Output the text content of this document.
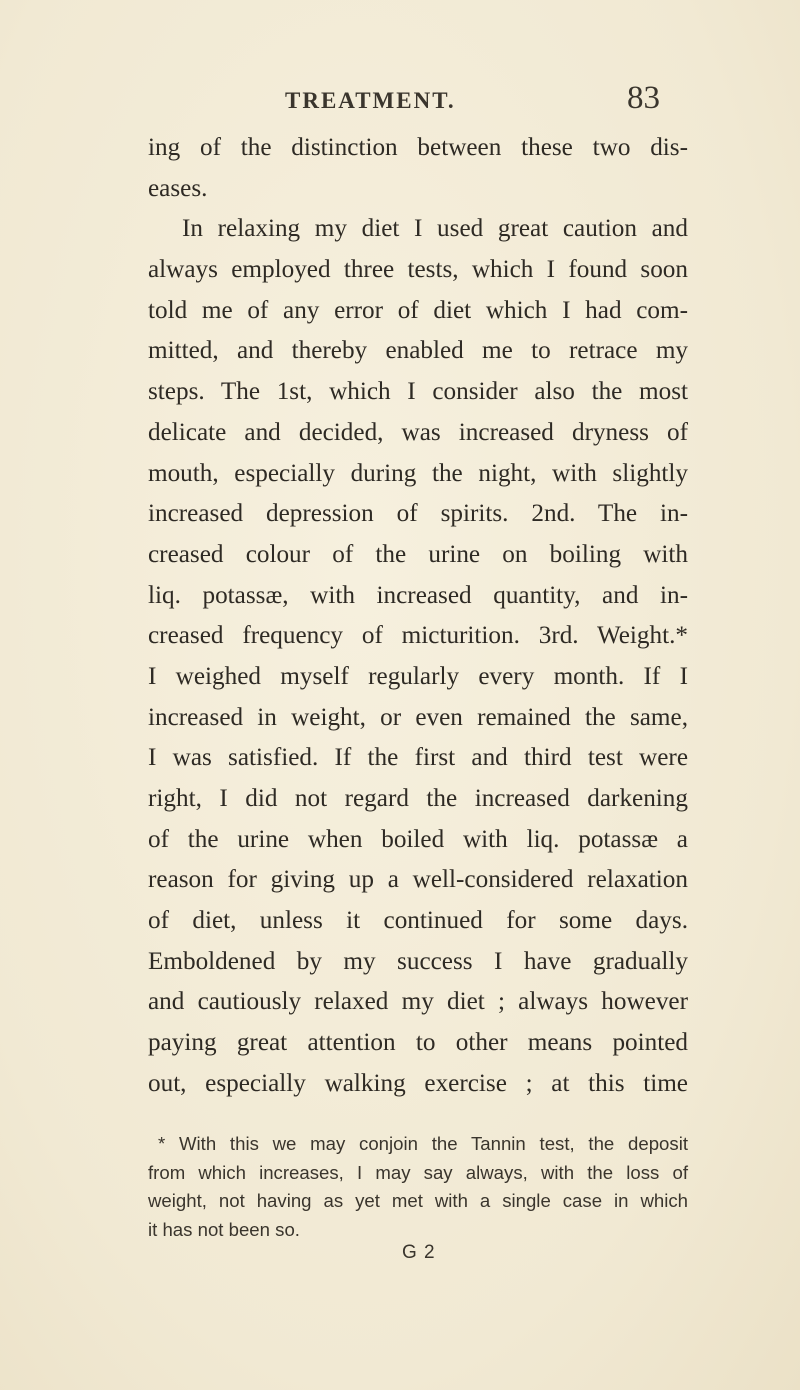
TREATMENT.	83
ing of the distinction between these two dis-
eases.
In relaxing my diet I used great caution and
always employed three tests, which I found soon
told me of any error of diet which I had com-
mitted, and thereby enabled me to retrace my
steps. The 1st, which I consider also the most
delicate and decided, was increased dryness of
mouth, especially during the night, with slightly
increased depression of spirits. 2nd. The in-
creased colour of the urine on boiling with
liq. potassæ, with increased quantity, and in-
creased frequency of micturition. 3rd. Weight.*
I weighed myself regularly every month. If I
increased in weight, or even remained the same,
I was satisfied. If the first and third test were
right, I did not regard the increased darkening
of the urine when boiled with liq. potassæ a
reason for giving up a well-considered relaxation
of diet, unless it continued for some days.
Emboldened by my success I have gradually
and cautiously relaxed my diet ; always however
paying great attention to other means pointed
out, especially walking exercise ; at this time
* With this we may conjoin the Tannin test, the deposit
from which increases, I may say always, with the loss of
weight, not having as yet met with a single case in which
it has not been so.
G 2
